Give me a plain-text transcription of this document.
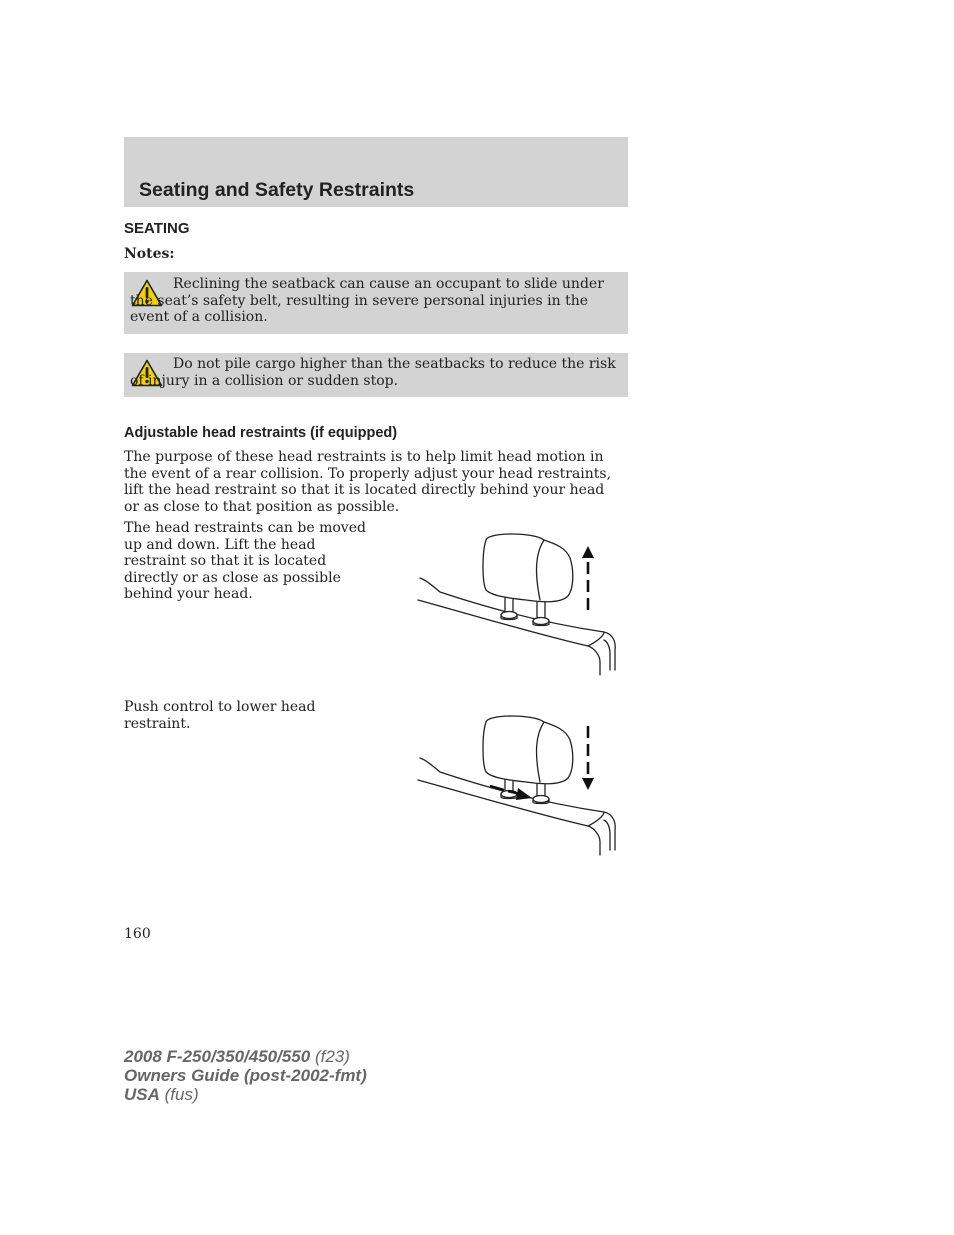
Seating and Safety Restraints
SEATING
Notes:

Reclining the seatback can cause an occupant to slide under the seat’s safety belt, resulting in severe personal injuries in the event of a collision.

Do not pile cargo higher than the seatbacks to reduce the risk of injury in a collision or sudden stop.

Adjustable head restraints (if equipped)

The purpose of these head restraints is to help limit head motion in the event of a rear collision. To properly adjust your head restraints, lift the head restraint so that it is located directly behind your head or as close to that position as possible.

The head restraints can be moved up and down. Lift the head restraint so that it is located directly or as close as possible behind your head.

Push control to lower head restraint.

160
2008 F-250/350/450/550 (f23)
Owners Guide (post-2002-fmt)
USA (fus)
